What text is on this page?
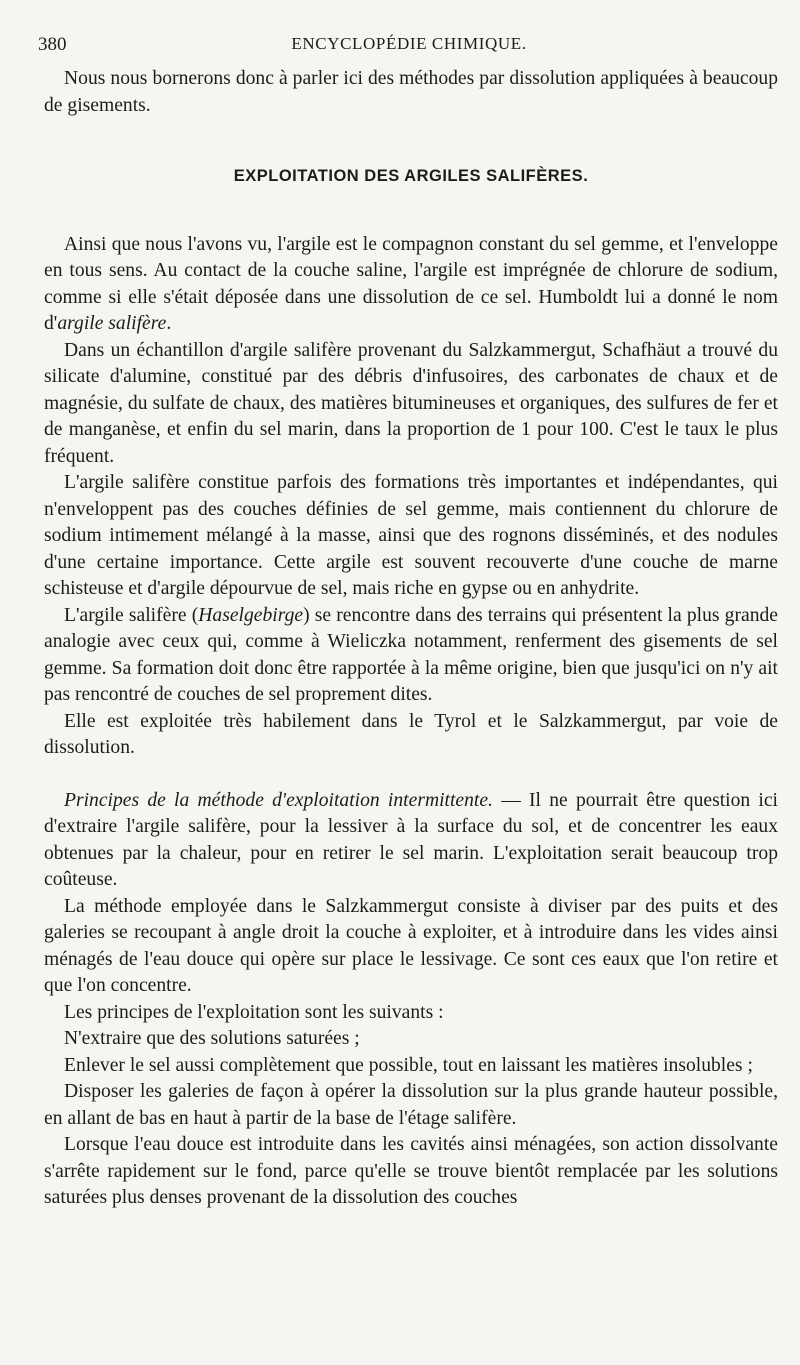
380	ENCYCLOPÉDIE CHIMIQUE.

Nous nous bornerons donc à parler ici des méthodes par dissolution appliquées à beaucoup de gisements.

EXPLOITATION DES ARGILES SALIFÈRES.

Ainsi que nous l'avons vu, l'argile est le compagnon constant du sel gemme, et l'enveloppe en tous sens. Au contact de la couche saline, l'argile est imprégnée de chlorure de sodium, comme si elle s'était déposée dans une dissolution de ce sel. Humboldt lui a donné le nom d'argile salifère.

Dans un échantillon d'argile salifère provenant du Salzkammergut, Schafhäut a trouvé du silicate d'alumine, constitué par des débris d'infusoires, des carbonates de chaux et de magnésie, du sulfate de chaux, des matières bitumineuses et organiques, des sulfures de fer et de manganèse, et enfin du sel marin, dans la proportion de 1 pour 100. C'est le taux le plus fréquent.

L'argile salifère constitue parfois des formations très importantes et indépendantes, qui n'enveloppent pas des couches définies de sel gemme, mais contiennent du chlorure de sodium intimement mélangé à la masse, ainsi que des rognons disséminés, et des nodules d'une certaine importance. Cette argile est souvent recouverte d'une couche de marne schisteuse et d'argile dépourvue de sel, mais riche en gypse ou en anhydrite.

L'argile salifère (Haselgebirge) se rencontre dans des terrains qui présentent la plus grande analogie avec ceux qui, comme à Wieliczka notamment, renferment des gisements de sel gemme. Sa formation doit donc être rapportée à la même origine, bien que jusqu'ici on n'y ait pas rencontré de couches de sel proprement dites.

Elle est exploitée très habilement dans le Tyrol et le Salzkammergut, par voie de dissolution.

Principes de la méthode d'exploitation intermittente. — Il ne pourrait être question ici d'extraire l'argile salifère, pour la lessiver à la surface du sol, et de concentrer les eaux obtenues par la chaleur, pour en retirer le sel marin. L'exploitation serait beaucoup trop coûteuse.

La méthode employée dans le Salzkammergut consiste à diviser par des puits et des galeries se recoupant à angle droit la couche à exploiter, et à introduire dans les vides ainsi ménagés de l'eau douce qui opère sur place le lessivage. Ce sont ces eaux que l'on retire et que l'on concentre.

Les principes de l'exploitation sont les suivants :

N'extraire que des solutions saturées ;

Enlever le sel aussi complètement que possible, tout en laissant les matières insolubles ;

Disposer les galeries de façon à opérer la dissolution sur la plus grande hauteur possible, en allant de bas en haut à partir de la base de l'étage salifère.

Lorsque l'eau douce est introduite dans les cavités ainsi ménagées, son action dissolvante s'arrête rapidement sur le fond, parce qu'elle se trouve bientôt remplacée par les solutions saturées plus denses provenant de la dissolution des couches
